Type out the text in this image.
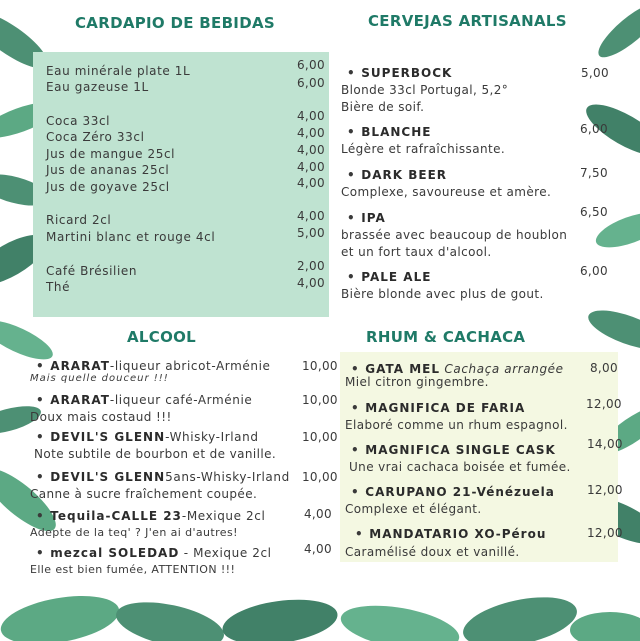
CARDAPIO DE BEBIDAS
Eau minérale plate 1L	6,00
Eau gazeuse 1L	6,00
Coca 33cl	4,00
Coca Zéro 33cl	4,00
Jus de mangue 25cl	4,00
Jus de ananas 25cl	4,00
Jus de goyave 25cl	4,00
Ricard 2cl	4,00
Martini blanc et rouge 4cl	5,00
Café Brésilien	2,00
Thé	4,00
CERVEJAS ARTISANALS
• SUPERBOCK	5,00
Blonde 33cl Portugal, 5,2°
Bière de soif.
• BLANCHE	6,00
Légère et rafraîchissante.
• DARK BEER	7,50
Complexe, savoureuse et amère.
• IPA	6,50
brassée avec beaucoup de houblon
et un fort taux d'alcool.
• PALE ALE	6,00
Bière blonde avec plus de gout.
ALCOOL
• ARARAT-liqueur abricot-Arménie	10,00
Mais quelle douceur !!!
• ARARAT-liqueur café-Arménie	10,00
Doux mais costaud !!!
• DEVIL'S GLENN-Whisky-Irland	10,00
Note subtile de bourbon et de vanille.
• DEVIL'S GLENN5ans-Whisky-Irland 10,00
Canne à sucre fraîchement coupée.
• Tequila-CALLE 23-Mexique 2cl	4,00
Adepte de la teq' ? J'en ai d'autres!
• mezcal SOLEDAD - Mexique 2cl	4,00
Elle est bien fumée, ATTENTION !!!
RHUM & CACHACA
• GATA MEL Cachaça arrangée 8,00
Miel citron gingembre.
• MAGNIFICA DE FARIA	12,00
Elaboré comme un rhum espagnol.
• MAGNIFICA SINGLE CASK	14,00
Une vrai cachaca boisée et fumée.
• CARUPANO 21-Vénézuela	12,00
Complexe et élégant.
• MANDATARIO XO-Pérou	12,00
Caramélisé doux et vanillé.
